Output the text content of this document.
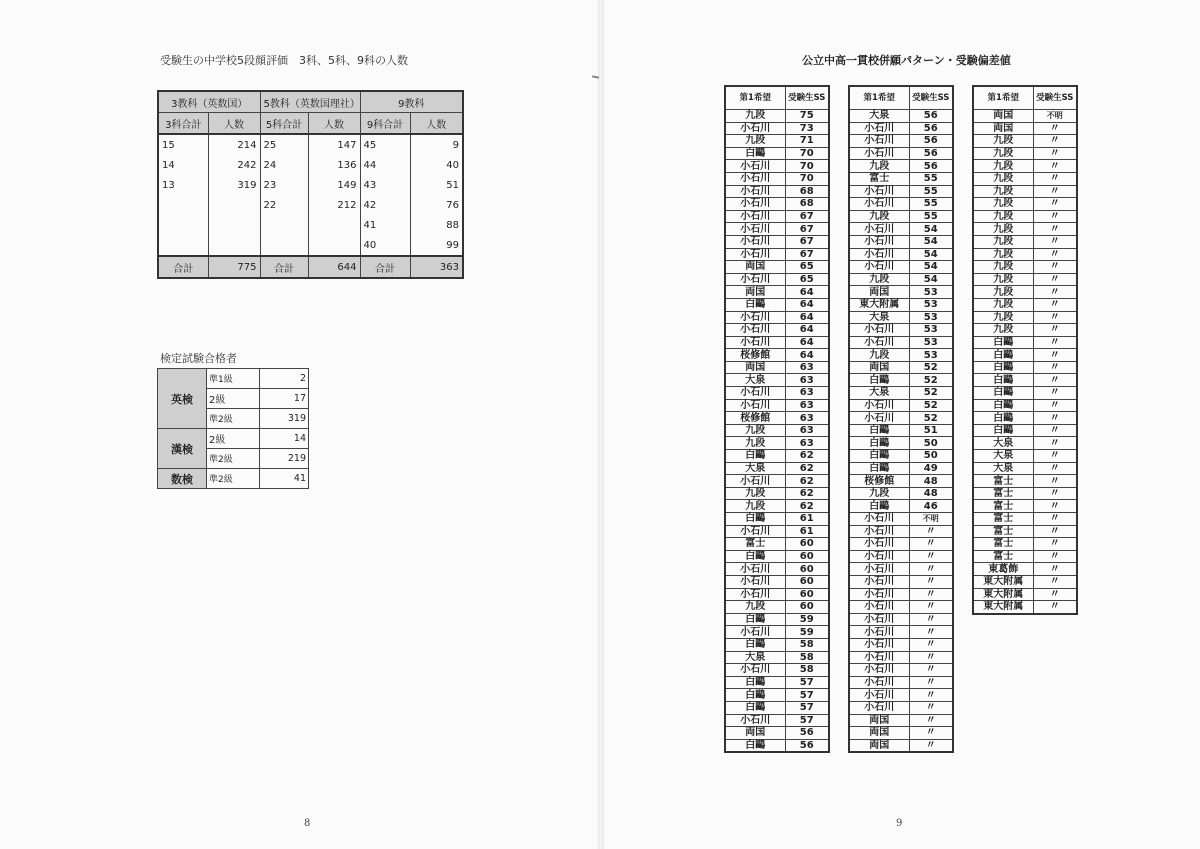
受験生の中学校5段顔評価　3科、5科、9科の人数
3教科（英数国）		5教科（英数国理社）		9教科	
3科合計	人数	5科合計	人数	9科合計	人数
15	214	25	147	45	9
14	242	24	136	44	40
13	319	23	149	43	51
		22	212	42	76
				41	88
				40	99
合計	775	合計	644	合計	363
検定試験合格者
英検	準1級	2
	2級	17
	準2級	319
漢検	2級	14
	準2級	219
数検	準2級	41
8
公立中高一貫校併願パターン・受験偏差値
第1希望	受験生SS
九段	75
小石川	73
九段	71
白鷗	70
小石川	70
小石川	70
小石川	68
小石川	68
小石川	67
小石川	67
小石川	67
小石川	67
両国	65
小石川	65
両国	64
白鷗	64
小石川	64
小石川	64
小石川	64
桜修館	64
両国	63
大泉	63
小石川	63
小石川	63
桜修館	63
九段	63
九段	63
白鷗	62
大泉	62
小石川	62
九段	62
九段	62
白鷗	61
小石川	61
富士	60
白鷗	60
小石川	60
小石川	60
小石川	60
九段	60
白鷗	59
小石川	59
白鷗	58
大泉	58
小石川	58
白鷗	57
白鷗	57
白鷗	57
小石川	57
両国	56
白鷗	56
第1希望	受験生SS
大泉	56
小石川	56
小石川	56
小石川	56
九段	56
富士	55
小石川	55
小石川	55
九段	55
小石川	54
小石川	54
小石川	54
小石川	54
九段	54
両国	53
東大附属	53
大泉	53
小石川	53
小石川	53
九段	53
両国	52
白鷗	52
大泉	52
小石川	52
小石川	52
白鷗	51
白鷗	50
白鷗	50
白鷗	49
桜修館	48
九段	48
白鷗	46
小石川	不明
小石川	〃
小石川	〃
小石川	〃
小石川	〃
小石川	〃
小石川	〃
小石川	〃
小石川	〃
小石川	〃
小石川	〃
小石川	〃
小石川	〃
小石川	〃
小石川	〃
小石川	〃
両国	〃
両国	〃
両国	〃
第1希望	受験生SS
両国	不明
両国	〃
九段	〃
九段	〃
九段	〃
九段	〃
九段	〃
九段	〃
九段	〃
九段	〃
九段	〃
九段	〃
九段	〃
九段	〃
九段	〃
九段	〃
九段	〃
九段	〃
白鷗	〃
白鷗	〃
白鷗	〃
白鷗	〃
白鷗	〃
白鷗	〃
白鷗	〃
白鷗	〃
大泉	〃
大泉	〃
大泉	〃
富士	〃
富士	〃
富士	〃
富士	〃
富士	〃
富士	〃
富士	〃
東葛飾	〃
東大附属	〃
東大附属	〃
東大附属	〃
9
